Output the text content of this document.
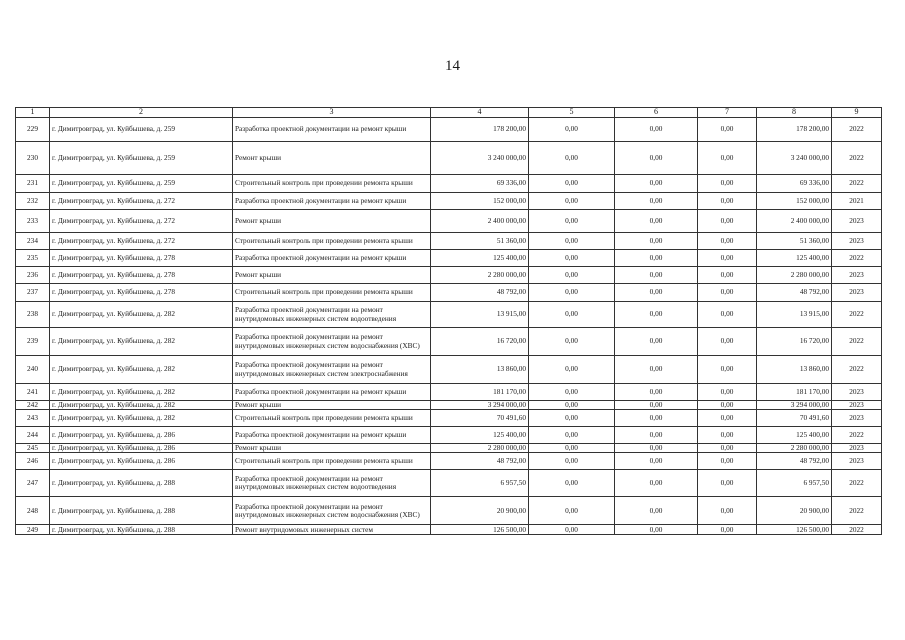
14
1	2	3	4	5	6	7	8	9
229	г. Димитровград, ул. Куйбышева, д. 259	Разработка проектной документации на ремонт крыши	178 200,00	0,00	0,00	0,00	178 200,00	2022
230	г. Димитровград, ул. Куйбышева, д. 259	Ремонт крыши	3 240 000,00	0,00	0,00	0,00	3 240 000,00	2022
231	г. Димитровград, ул. Куйбышева, д. 259	Строительный контроль при проведении ремонта крыши	69 336,00	0,00	0,00	0,00	69 336,00	2022
232	г. Димитровград, ул. Куйбышева, д. 272	Разработка проектной документации на ремонт крыши	152 000,00	0,00	0,00	0,00	152 000,00	2021
233	г. Димитровград, ул. Куйбышева, д. 272	Ремонт крыши	2 400 000,00	0,00	0,00	0,00	2 400 000,00	2023
234	г. Димитровград, ул. Куйбышева, д. 272	Строительный контроль при проведении ремонта крыши	51 360,00	0,00	0,00	0,00	51 360,00	2023
235	г. Димитровград, ул. Куйбышева, д. 278	Разработка проектной документации на ремонт крыши	125 400,00	0,00	0,00	0,00	125 400,00	2022
236	г. Димитровград, ул. Куйбышева, д. 278	Ремонт крыши	2 280 000,00	0,00	0,00	0,00	2 280 000,00	2023
237	г. Димитровград, ул. Куйбышева, д. 278	Строительный контроль при проведении ремонта крыши	48 792,00	0,00	0,00	0,00	48 792,00	2023
238	г. Димитровград, ул. Куйбышева, д. 282	Разработка проектной документации на ремонт внутридомовых инженерных систем водоотведения	13 915,00	0,00	0,00	0,00	13 915,00	2022
239	г. Димитровград, ул. Куйбышева, д. 282	Разработка проектной документации на ремонт внутридомовых инженерных систем водоснабжения (ХВС)	16 720,00	0,00	0,00	0,00	16 720,00	2022
240	г. Димитровград, ул. Куйбышева, д. 282	Разработка проектной документации на ремонт внутридомовых инженерных систем электроснабжения	13 860,00	0,00	0,00	0,00	13 860,00	2022
241	г. Димитровград, ул. Куйбышева, д. 282	Разработка проектной документации на ремонт крыши	181 170,00	0,00	0,00	0,00	181 170,00	2023
242	г. Димитровград, ул. Куйбышева, д. 282	Ремонт крыши	3 294 000,00	0,00	0,00	0,00	3 294 000,00	2023
243	г. Димитровград, ул. Куйбышева, д. 282	Строительный контроль при проведении ремонта крыши	70 491,60	0,00	0,00	0,00	70 491,60	2023
244	г. Димитровград, ул. Куйбышева, д. 286	Разработка проектной документации на ремонт крыши	125 400,00	0,00	0,00	0,00	125 400,00	2022
245	г. Димитровград, ул. Куйбышева, д. 286	Ремонт крыши	2 280 000,00	0,00	0,00	0,00	2 280 000,00	2023
246	г. Димитровград, ул. Куйбышева, д. 286	Строительный контроль при проведении ремонта крыши	48 792,00	0,00	0,00	0,00	48 792,00	2023
247	г. Димитровград, ул. Куйбышева, д. 288	Разработка проектной документации на ремонт внутридомовых инженерных систем водоотведения	6 957,50	0,00	0,00	0,00	6 957,50	2022
248	г. Димитровград, ул. Куйбышева, д. 288	Разработка проектной документации на ремонт внутридомовых инженерных систем водоснабжения (ХВС)	20 900,00	0,00	0,00	0,00	20 900,00	2022
249	г. Димитровград, ул. Куйбышева, д. 288	Ремонт внутридомовых инженерных систем	126 500,00	0,00	0,00	0,00	126 500,00	2022
